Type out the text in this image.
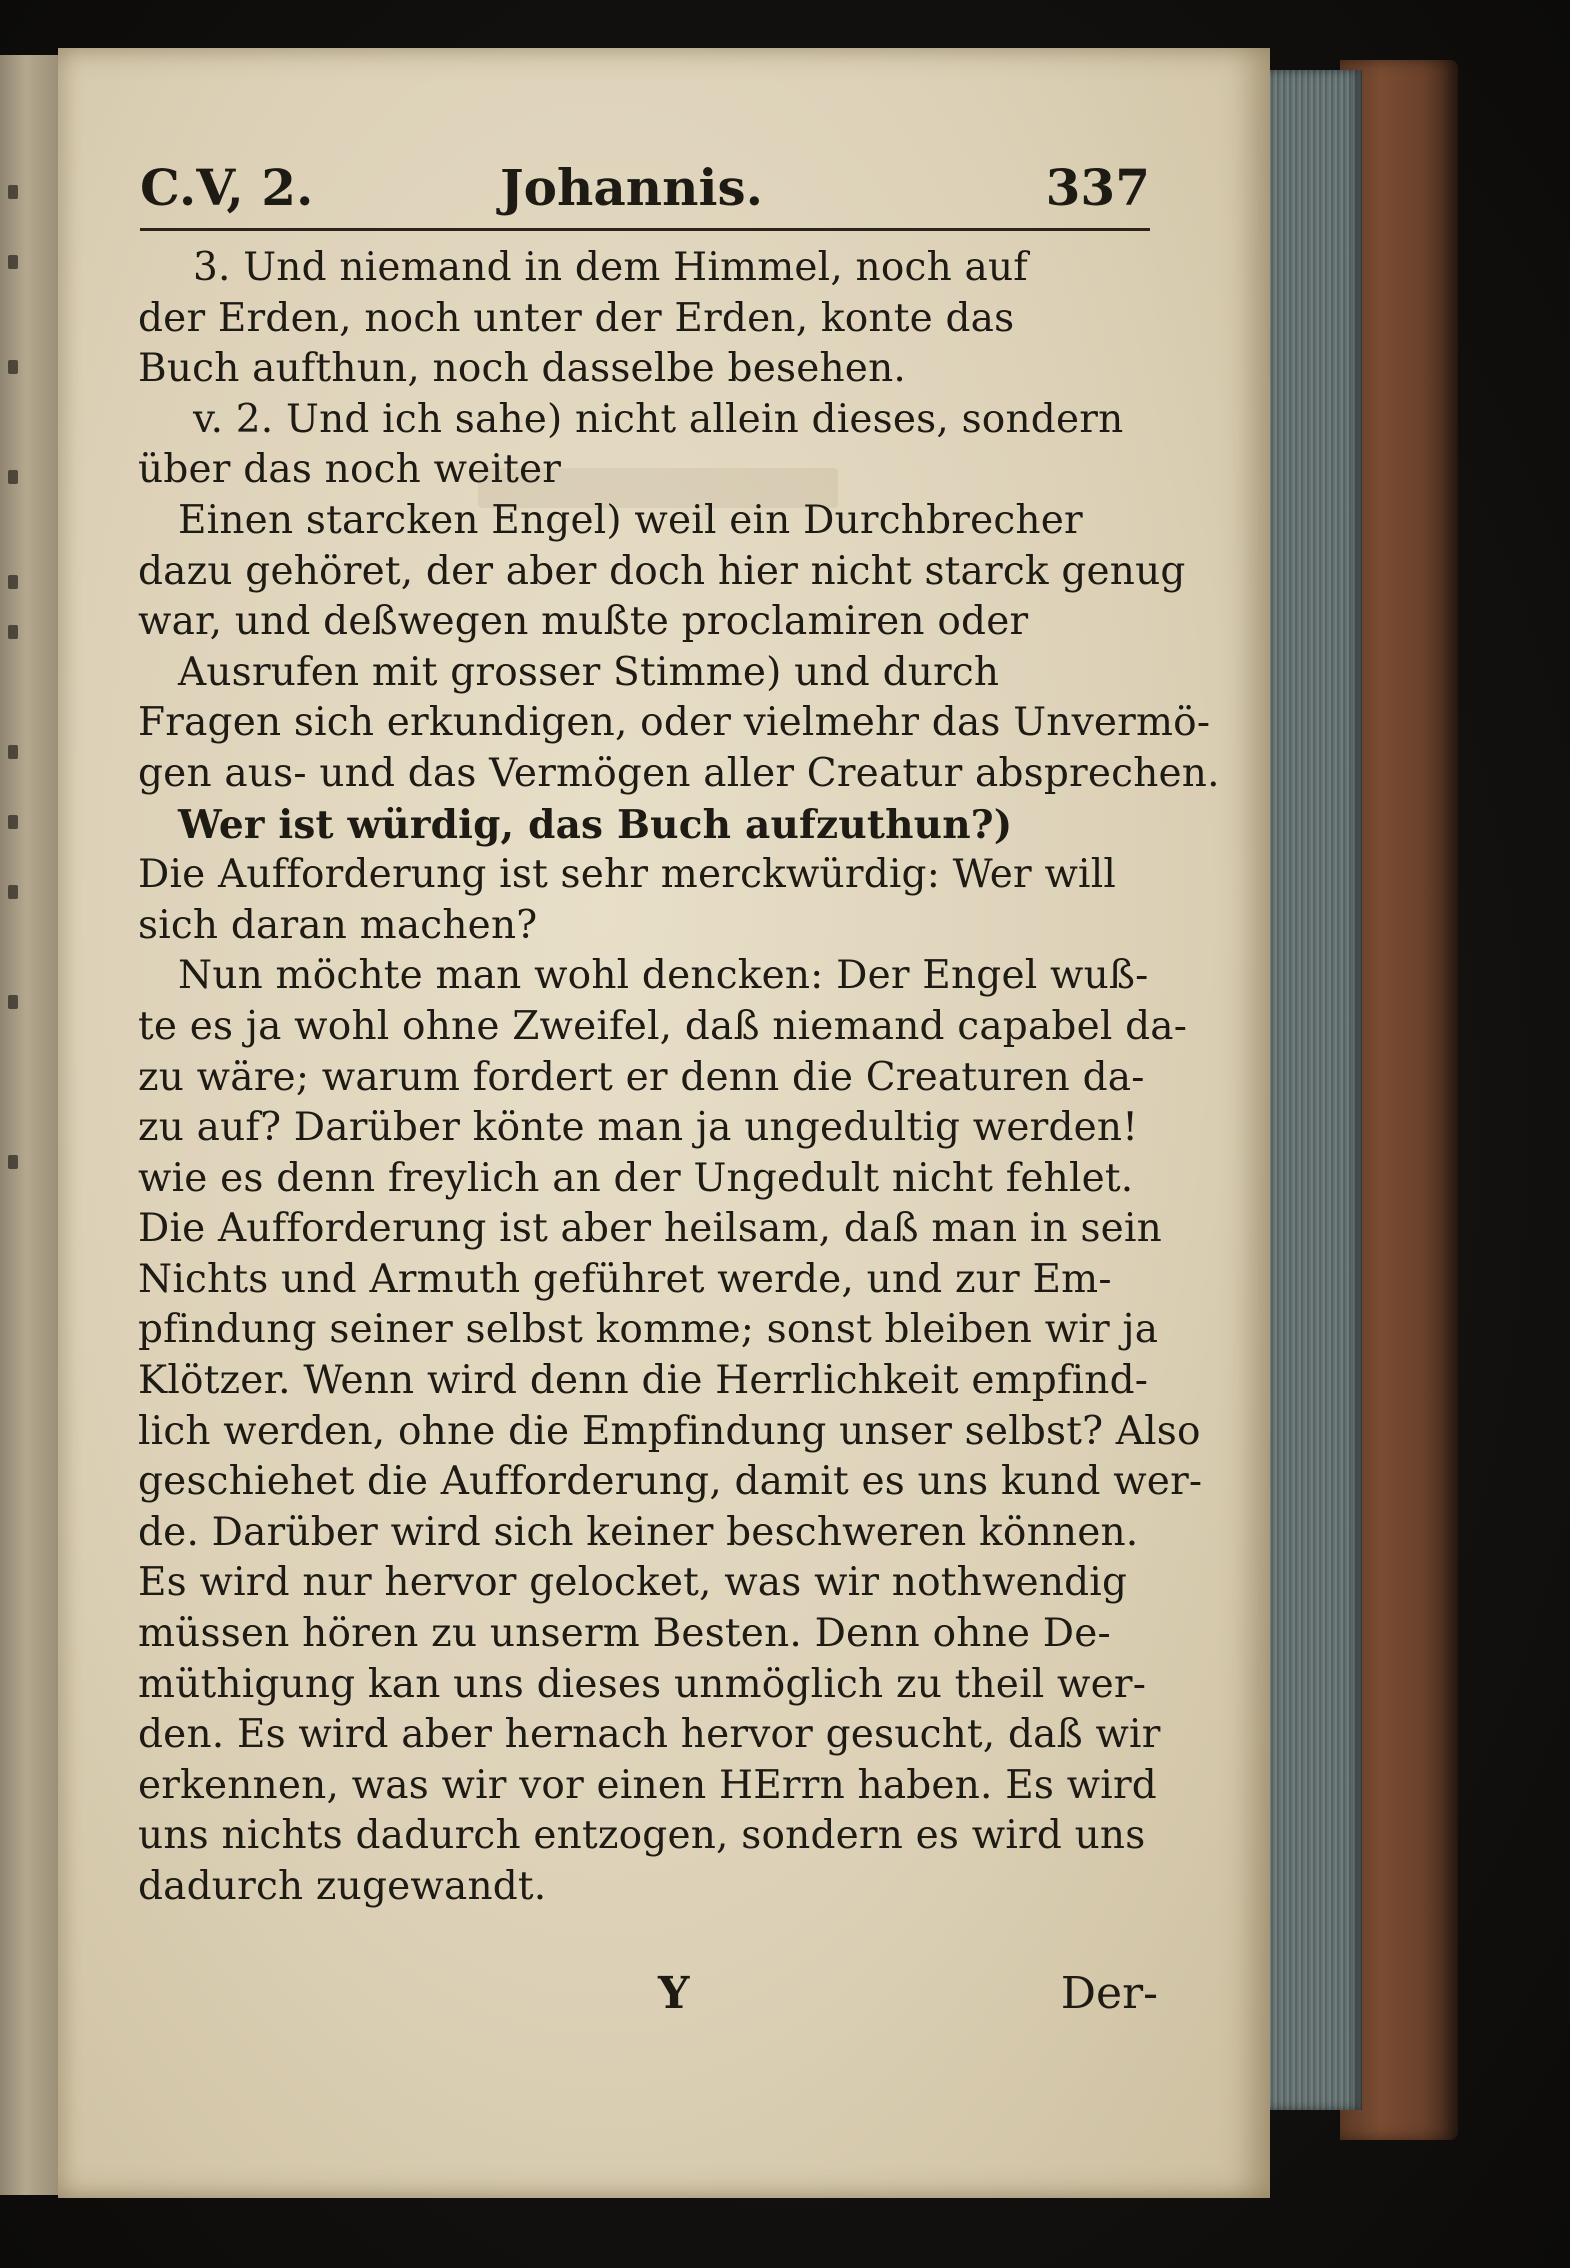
C.V, 2.	Johannis.	337
3. Und niemand in dem Himmel, noch auf
der Erden, noch unter der Erden, konte das
Buch aufthun, noch dasselbe besehen.
v. 2. Und ich sahe) nicht allein dieses, sondern
über das noch weiter
Einen starcken Engel) weil ein Durchbrecher
dazu gehöret, der aber doch hier nicht starck genug
war, und deßwegen mußte proclamiren oder
Ausrufen mit grosser Stimme) und durch
Fragen sich erkundigen, oder vielmehr das Unvermö-
gen aus- und das Vermögen aller Creatur absprechen.
Wer ist würdig, das Buch aufzuthun?)
Die Aufforderung ist sehr merckwürdig: Wer will
sich daran machen?
Nun möchte man wohl dencken: Der Engel wuß-
te es ja wohl ohne Zweifel, daß niemand capabel da-
zu wäre; warum fordert er denn die Creaturen da-
zu auf? Darüber könte man ja ungedultig werden!
wie es denn freylich an der Ungedult nicht fehlet.
Die Aufforderung ist aber heilsam, daß man in sein
Nichts und Armuth geführet werde, und zur Em-
pfindung seiner selbst komme; sonst bleiben wir ja
Klötzer. Wenn wird denn die Herrlichkeit empfind-
lich werden, ohne die Empfindung unser selbst? Also
geschiehet die Aufforderung, damit es uns kund wer-
de. Darüber wird sich keiner beschweren können.
Es wird nur hervor gelocket, was wir nothwendig
müssen hören zu unserm Besten. Denn ohne De-
müthigung kan uns dieses unmöglich zu theil wer-
den. Es wird aber hernach hervor gesucht, daß wir
erkennen, was wir vor einen HErrn haben. Es wird
uns nichts dadurch entzogen, sondern es wird uns
dadurch zugewandt.
Y	Der-
